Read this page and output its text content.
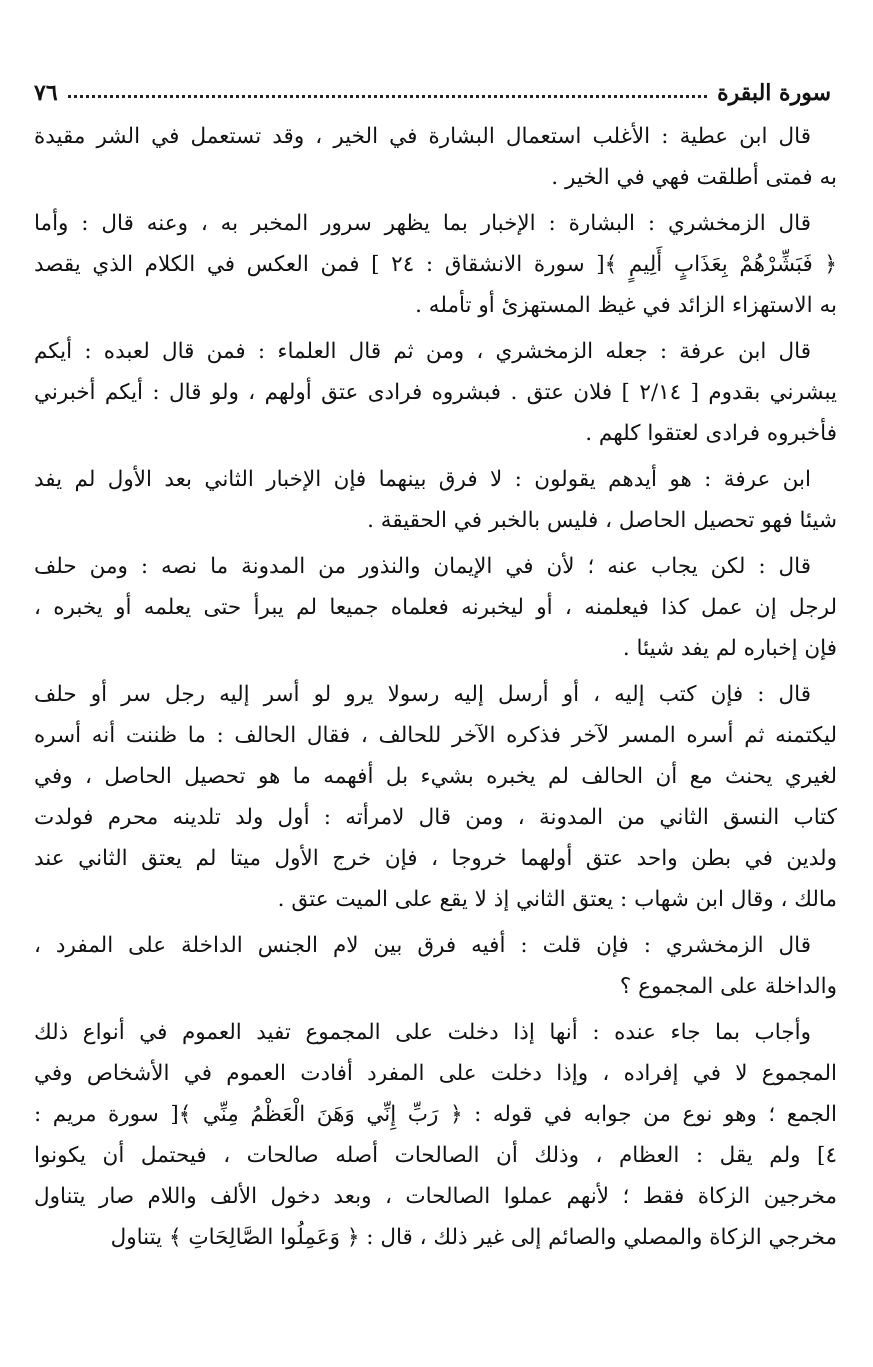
٧٦	سورة البقرة
قال ابن عطية : الأغلب استعمال البشارة في الخير ، وقد تستعمل في الشر مقيدة
به فمتى أطلقت فهي في الخير .
قال الزمخشري : البشارة : الإخبار بما يظهر سرور المخبر به ، وعنه قال : وأما
﴿ فَبَشِّرْهُمْ بِعَذَابٍ أَلِيمٍ ﴾[ سورة الانشقاق : ٢٤ ] فمن العكس في الكلام الذي يقصد
به الاستهزاء الزائد في غيظ المستهزئ أو تأمله .
قال ابن عرفة : جعله الزمخشري ، ومن ثم قال العلماء : فمن قال لعبده : أيكم
يبشرني بقدوم [ ٢/١٤ ] فلان عتق . فبشروه فرادى عتق أولهم ، ولو قال : أيكم أخبرني
فأخبروه فرادى لعتقوا كلهم .
ابن عرفة : هو أيدهم يقولون : لا فرق بينهما فإن الإخبار الثاني بعد الأول لم يفد
شيئا فهو تحصيل الحاصل ، فليس بالخبر في الحقيقة .
قال : لكن يجاب عنه ؛ لأن في الإيمان والنذور من المدونة ما نصه : ومن حلف
لرجل إن عمل كذا فيعلمنه ، أو ليخبرنه فعلماه جميعا لم يبرأ حتى يعلمه أو يخبره ،
فإن إخباره لم يفد شيئا .
قال : فإن كتب إليه ، أو أرسل إليه رسولا يرو لو أسر إليه رجل سر أو حلف
ليكتمنه ثم أسره المسر لآخر فذكره الآخر للحالف ، فقال الحالف : ما ظننت أنه أسره
لغيري يحنث مع أن الحالف لم يخبره بشيء بل أفهمه ما هو تحصيل الحاصل ، وفي
كتاب النسق الثاني من المدونة ، ومن قال لامرأته : أول ولد تلدينه محرم فولدت
ولدين في بطن واحد عتق أولهما خروجا ، فإن خرج الأول ميتا لم يعتق الثاني عند
مالك ، وقال ابن شهاب : يعتق الثاني إذ لا يقع على الميت عتق .
قال الزمخشري : فإن قلت : أفيه فرق بين لام الجنس الداخلة على المفرد ،
والداخلة على المجموع ؟
وأجاب بما جاء عنده : أنها إذا دخلت على المجموع تفيد العموم في أنواع ذلك
المجموع لا في إفراده ، وإذا دخلت على المفرد أفادت العموم في الأشخاص وفي
الجمع ؛ وهو نوع من جوابه في قوله : ﴿ رَبِّ إِنِّي وَهَنَ الْعَظْمُ مِنِّي ﴾[ سورة مريم :
٤] ولم يقل : العظام ، وذلك أن الصالحات أصله صالحات ، فيحتمل أن يكونوا
مخرجين الزكاة فقط ؛ لأنهم عملوا الصالحات ، وبعد دخول الألف واللام صار يتناول
مخرجي الزكاة والمصلي والصائم إلى غير ذلك ، قال : ﴿ وَعَمِلُوا الصَّالِحَاتِ ﴾ يتناول
